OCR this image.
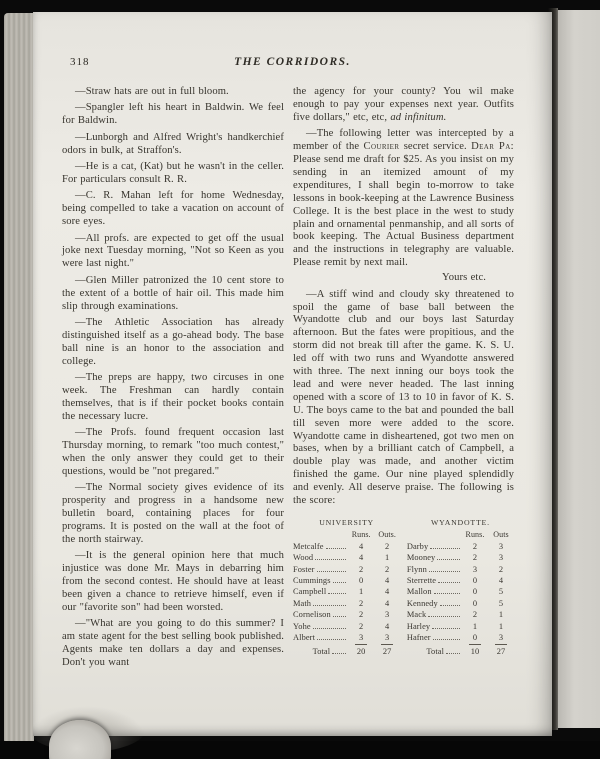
318	THE CORRIDORS.

—Straw hats are out in full bloom.

—Spangler left his heart in Baldwin. We feel for Baldwin.

—Lunborgh and Alfred Wright's handkerchief odors in bulk, at Straffon's.

—He is a cat, (Kat) but he wasn't in the celler. For particulars consult R. R.

—C. R. Mahan left for home Wednesday, being compelled to take a vacation on account of sore eyes.

—All profs. are expected to get off the usual joke next Tuesday morning, "Not so Keen as you were last night."

—Glen Miller patronized the 10 cent store to the extent of a bottle of hair oil. This made him slip through examinations.

—The Athletic Association has already distinguished itself as a go-ahead body. The base ball nine is an honor to the association and college.

—The preps are happy, two circuses in one week. The Freshman can hardly contain themselves, that is if their pocket books contain the necessary lucre.

—The Profs. found frequent occasion last Thursday morning, to remark "too much contest," when the only answer they could get to their questions, would be "not pregared."

—The Normal society gives evidence of its prosperity and progress in a handsome new bulletin board, containing places for four programs. It is posted on the wall at the foot of the north stairway.

—It is the general opinion here that much injustice was done Mr. Mays in debarring him from the second contest. He should have at least been given a chance to retrieve himself, even if our "favorite son" had been worsted.

—"What are you going to do this summer? I am state agent for the best selling book published. Agents make ten dollars a day and expenses. Don't you want

the agency for your county? You wil make enough to pay your expenses next year. Outfits five dollars," etc, etc, ad infinitum.

—The following letter was intercepted by a member of the Courier secret service. Dear Pa: Please send me draft for $25. As you insist on my sending in an itemized amount of my expenditures, I shall begin to-morrow to take lessons in book-keeping at the Lawrence Business College. It is the best place in the west to study plain and ornamental penmanship, and all sorts of book keeping. The Actual Business department and the instructions in telegraphy are valuable. Please remit by next mail.

Yours etc.

—A stiff wind and cloudy sky threatened to spoil the game of base ball between the Wyandotte club and our boys last Saturday afternoon. But the fates were propitious, and the storm did not break till after the game. K. S. U. led off with two runs and Wyandotte answered with three. The next inning our boys took the lead and were never headed. The last inning opened with a score of 13 to 10 in favor of K. S. U. The boys came to the bat and pounded the ball till seven more were added to the score. Wyandotte came in disheartened, got two men on bases, when by a brilliant catch of Campbell, a double play was made, and another victim finished the game. Our nine played splendidly and evenly. All deserve praise. The following is the score:

UNIVERSITY
Runs. Outs.
Metcalfe	4	2
Wood	4	1
Foster	2	2
Cummings	0	4
Campbell	1	4
Math	2	4
Cornelison	2	3
Yohe	2	4
Albert	3	3
Total	20	27
WYANDOTTE.
Runs.	Outs
Darby	2	3
Mooney	2	3
Flynn	3	2
Sterrette	0	4
Mallon	0	5
Kennedy	0	5
Mack	2	1
Harley	1	1
Hafner	0	3
Total	10	27
